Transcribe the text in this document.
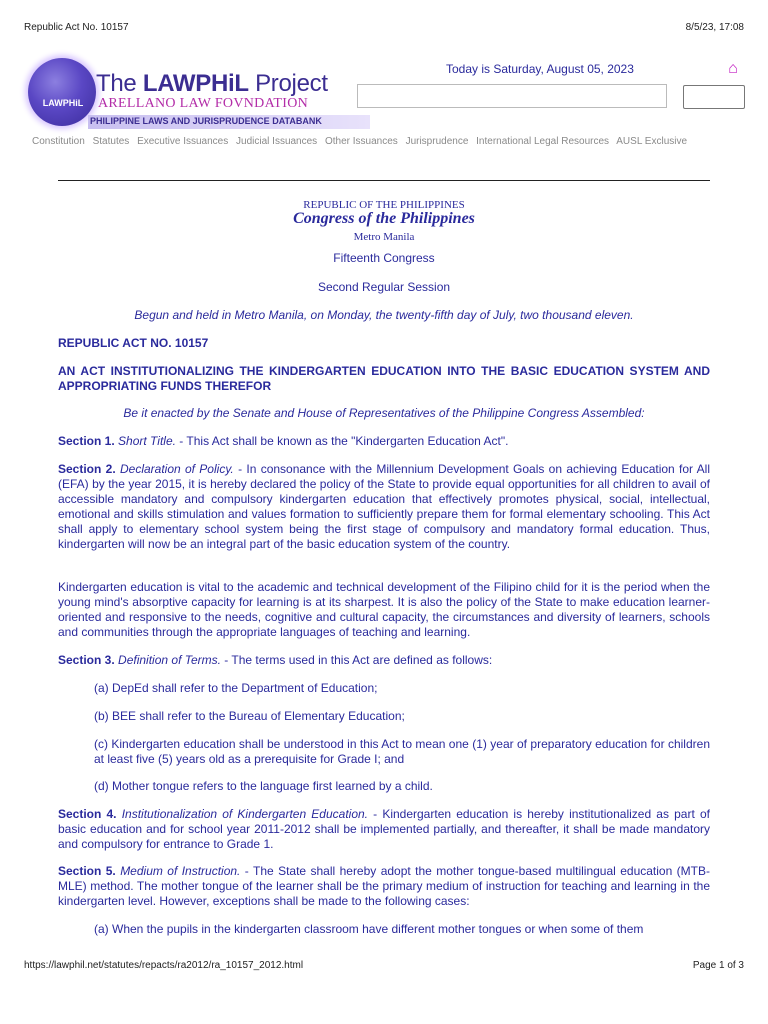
Republic Act No. 10157	8/5/23, 17:08
LAWPHiL
The LAWPHiL Project
ARELLANO LAW FOVNDATION
PHILIPPINE LAWS AND JURISPRUDENCE DATABANK
Today is Saturday, August 05, 2023	⌂
Constitution Statutes Executive Issuances Judicial Issuances Other Issuances Jurisprudence International Legal Resources AUSL Exclusive
REPUBLIC OF THE PHILIPPINES
Congress of the Philippines
Metro Manila
Fifteenth Congress
Second Regular Session
Begun and held in Metro Manila, on Monday, the twenty-fifth day of July, two thousand eleven.
REPUBLIC ACT NO. 10157
AN ACT INSTITUTIONALIZING THE KINDERGARTEN EDUCATION INTO THE BASIC EDUCATION SYSTEM AND APPROPRIATING FUNDS THEREFOR
Be it enacted by the Senate and House of Representatives of the Philippine Congress Assembled:
Section 1. Short Title. - This Act shall be known as the "Kindergarten Education Act".
Section 2. Declaration of Policy. - In consonance with the Millennium Development Goals on achieving Education for All (EFA) by the year 2015, it is hereby declared the policy of the State to provide equal opportunities for all children to avail of accessible mandatory and compulsory kindergarten education that effectively promotes physical, social, intellectual, emotional and skills stimulation and values formation to sufficiently prepare them for formal elementary schooling. This Act shall apply to elementary school system being the first stage of compulsory and mandatory formal education. Thus, kindergarten will now be an integral part of the basic education system of the country.
Kindergarten education is vital to the academic and technical development of the Filipino child for it is the period when the young mind's absorptive capacity for learning is at its sharpest. It is also the policy of the State to make education learner-oriented and responsive to the needs, cognitive and cultural capacity, the circumstances and diversity of learners, schools and communities through the appropriate languages of teaching and learning.
Section 3. Definition of Terms. - The terms used in this Act are defined as follows:
(a) DepEd shall refer to the Department of Education;
(b) BEE shall refer to the Bureau of Elementary Education;
(c) Kindergarten education shall be understood in this Act to mean one (1) year of preparatory education for children at least five (5) years old as a prerequisite for Grade I; and
(d) Mother tongue refers to the language first learned by a child.
Section 4. Institutionalization of Kindergarten Education. - Kindergarten education is hereby institutionalized as part of basic education and for school year 2011-2012 shall be implemented partially, and thereafter, it shall be made mandatory and compulsory for entrance to Grade 1.
Section 5. Medium of Instruction. - The State shall hereby adopt the mother tongue-based multilingual education (MTB-MLE) method. The mother tongue of the learner shall be the primary medium of instruction for teaching and learning in the kindergarten level. However, exceptions shall be made to the following cases:
(a) When the pupils in the kindergarten classroom have different mother tongues or when some of them
https://lawphil.net/statutes/repacts/ra2012/ra_10157_2012.html	Page 1 of 3
